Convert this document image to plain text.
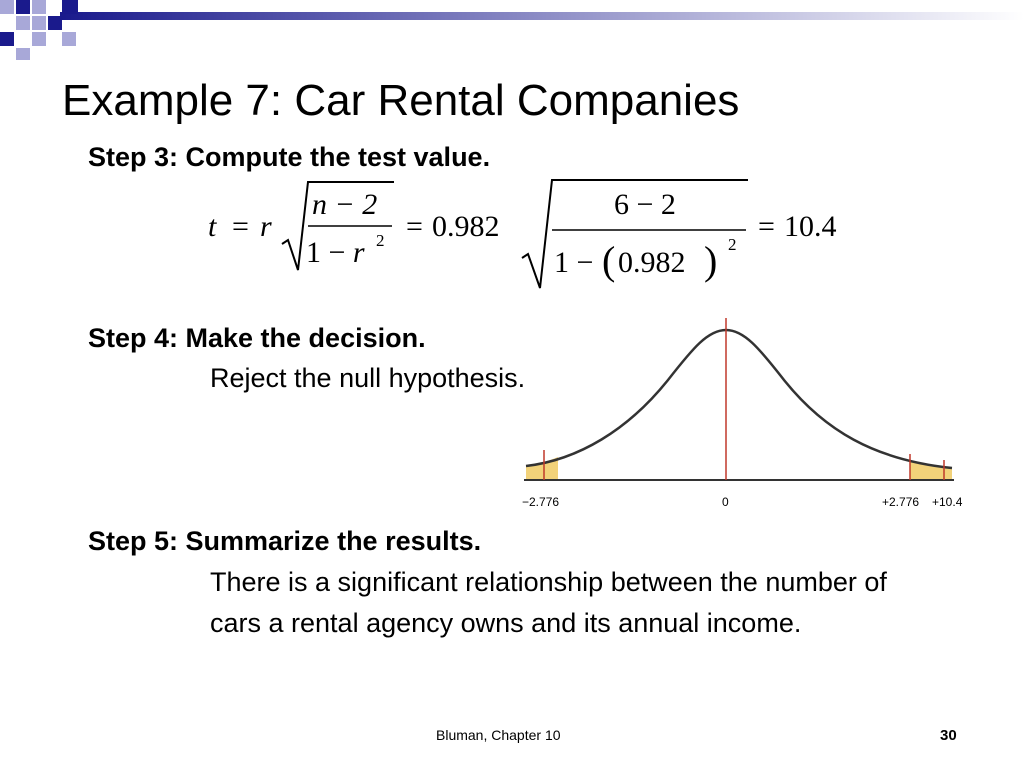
Example 7: Car Rental Companies
Step 3: Compute the test value.
t = r
n − 2
1 − r 2 = 0.982
6 − 2
1 − ( 0.982 ) 2
= 10.4
Step 4: Make the decision.
Reject the null hypothesis.
−2.776	0	+2.776 +10.4
Step 5: Summarize the results.
There is a significant relationship between the number of cars a rental agency owns and its annual income.
Bluman, Chapter 10	30
